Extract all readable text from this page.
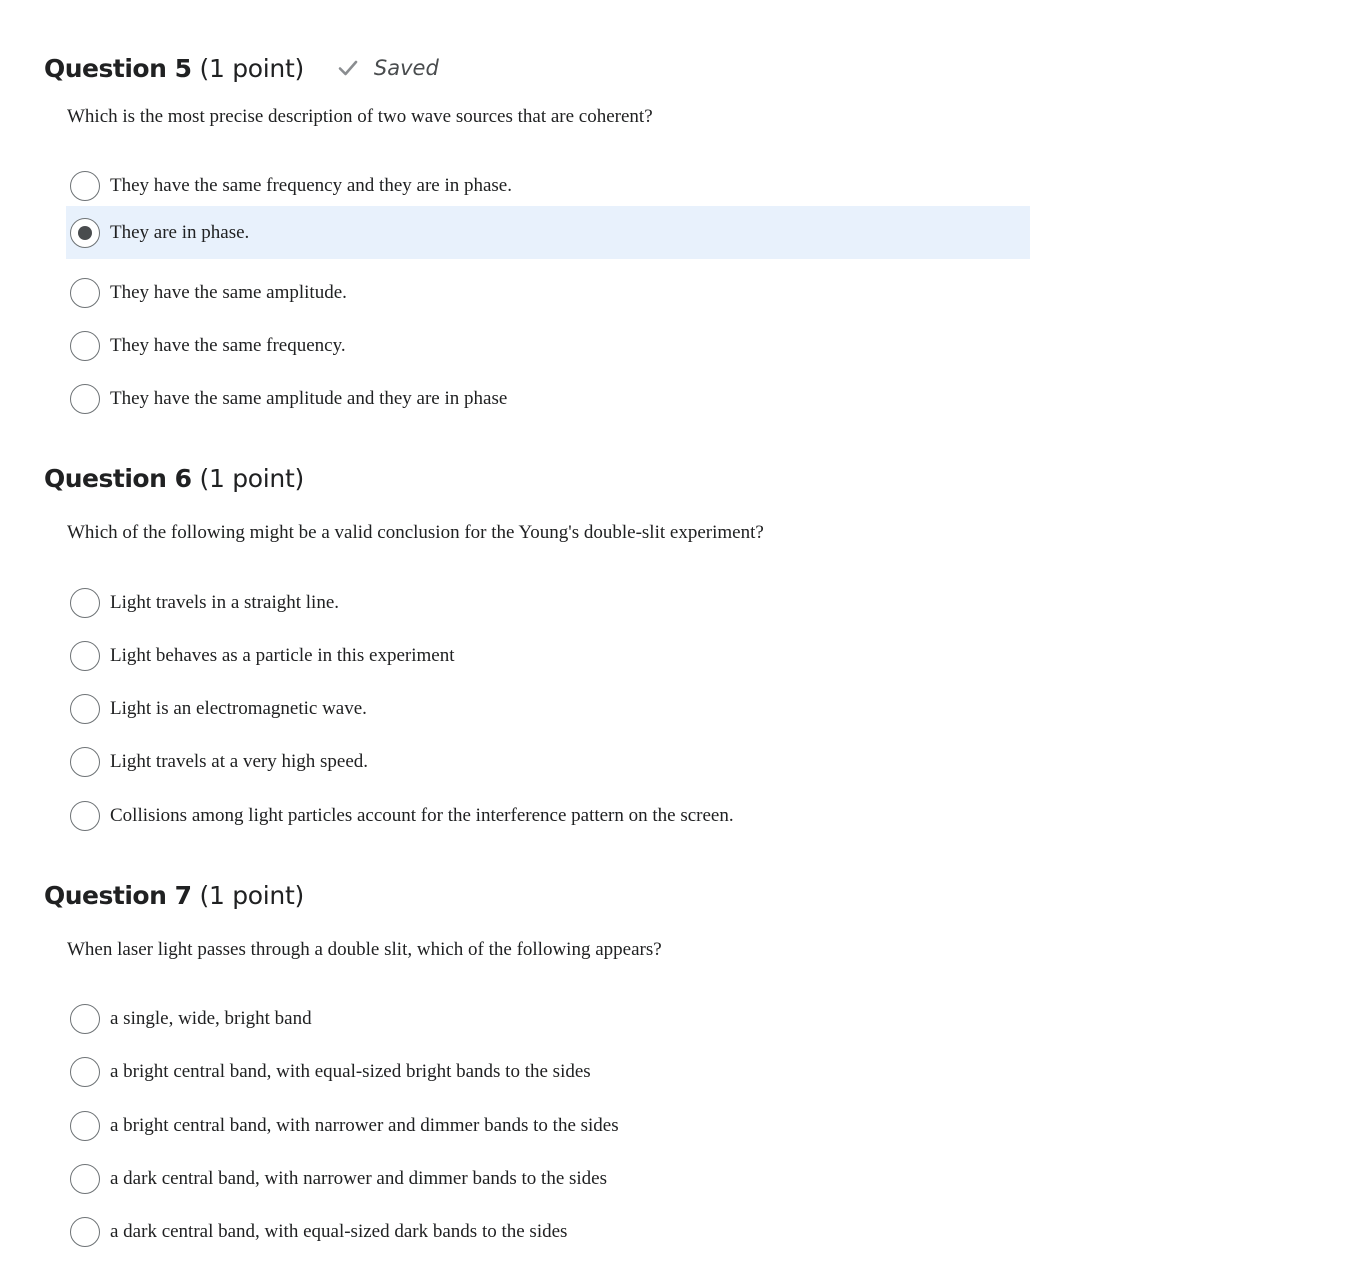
Question 5 (1 point)	Saved
Which is the most precise description of two wave sources that are coherent?
They have the same frequency and they are in phase.
They are in phase.
They have the same amplitude.
They have the same frequency.
They have the same amplitude and they are in phase
Question 6 (1 point)
Which of the following might be a valid conclusion for the Young's double-slit experiment?
Light travels in a straight line.
Light behaves as a particle in this experiment
Light is an electromagnetic wave.
Light travels at a very high speed.
Collisions among light particles account for the interference pattern on the screen.
Question 7 (1 point)
When laser light passes through a double slit, which of the following appears?
a single, wide, bright band
a bright central band, with equal-sized bright bands to the sides
a bright central band, with narrower and dimmer bands to the sides
a dark central band, with narrower and dimmer bands to the sides
a dark central band, with equal-sized dark bands to the sides
